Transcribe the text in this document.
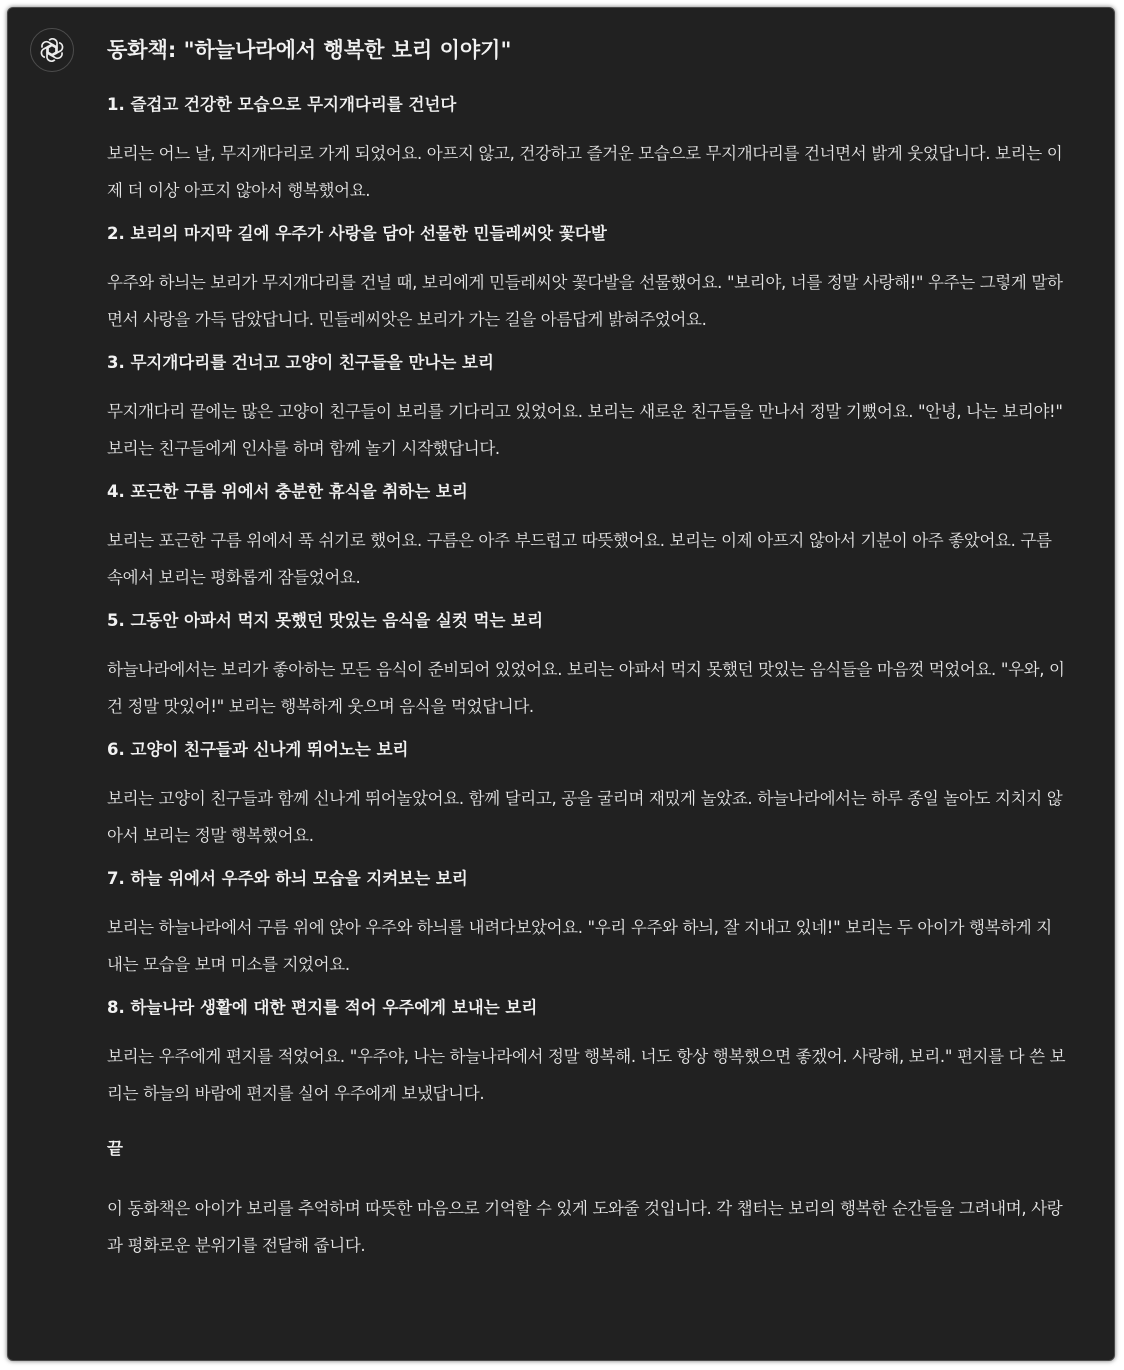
동화책: "하늘나라에서 행복한 보리 이야기"

1. 즐겁고 건강한 모습으로 무지개다리를 건넌다

보리는 어느 날, 무지개다리로 가게 되었어요. 아프지 않고, 건강하고 즐거운 모습으로 무지개다리를 건너면서 밝게 웃었답니다. 보리는 이제 더 이상 아프지 않아서 행복했어요.

2. 보리의 마지막 길에 우주가 사랑을 담아 선물한 민들레씨앗 꽃다발

우주와 하늬는 보리가 무지개다리를 건널 때, 보리에게 민들레씨앗 꽃다발을 선물했어요. "보리야, 너를 정말 사랑해!" 우주는 그렇게 말하면서 사랑을 가득 담았답니다. 민들레씨앗은 보리가 가는 길을 아름답게 밝혀주었어요.

3. 무지개다리를 건너고 고양이 친구들을 만나는 보리

무지개다리 끝에는 많은 고양이 친구들이 보리를 기다리고 있었어요. 보리는 새로운 친구들을 만나서 정말 기뻤어요. "안녕, 나는 보리야!" 보리는 친구들에게 인사를 하며 함께 놀기 시작했답니다.

4. 포근한 구름 위에서 충분한 휴식을 취하는 보리

보리는 포근한 구름 위에서 푹 쉬기로 했어요. 구름은 아주 부드럽고 따뜻했어요. 보리는 이제 아프지 않아서 기분이 아주 좋았어요. 구름 속에서 보리는 평화롭게 잠들었어요.

5. 그동안 아파서 먹지 못했던 맛있는 음식을 실컷 먹는 보리

하늘나라에서는 보리가 좋아하는 모든 음식이 준비되어 있었어요. 보리는 아파서 먹지 못했던 맛있는 음식들을 마음껏 먹었어요. "우와, 이건 정말 맛있어!" 보리는 행복하게 웃으며 음식을 먹었답니다.

6. 고양이 친구들과 신나게 뛰어노는 보리

보리는 고양이 친구들과 함께 신나게 뛰어놀았어요. 함께 달리고, 공을 굴리며 재밌게 놀았죠. 하늘나라에서는 하루 종일 놀아도 지치지 않아서 보리는 정말 행복했어요.

7. 하늘 위에서 우주와 하늬 모습을 지켜보는 보리

보리는 하늘나라에서 구름 위에 앉아 우주와 하늬를 내려다보았어요. "우리 우주와 하늬, 잘 지내고 있네!" 보리는 두 아이가 행복하게 지내는 모습을 보며 미소를 지었어요.

8. 하늘나라 생활에 대한 편지를 적어 우주에게 보내는 보리

보리는 우주에게 편지를 적었어요. "우주야, 나는 하늘나라에서 정말 행복해. 너도 항상 행복했으면 좋겠어. 사랑해, 보리." 편지를 다 쓴 보리는 하늘의 바람에 편지를 실어 우주에게 보냈답니다.

끝

이 동화책은 아이가 보리를 추억하며 따뜻한 마음으로 기억할 수 있게 도와줄 것입니다. 각 챕터는 보리의 행복한 순간들을 그려내며, 사랑과 평화로운 분위기를 전달해 줍니다.
